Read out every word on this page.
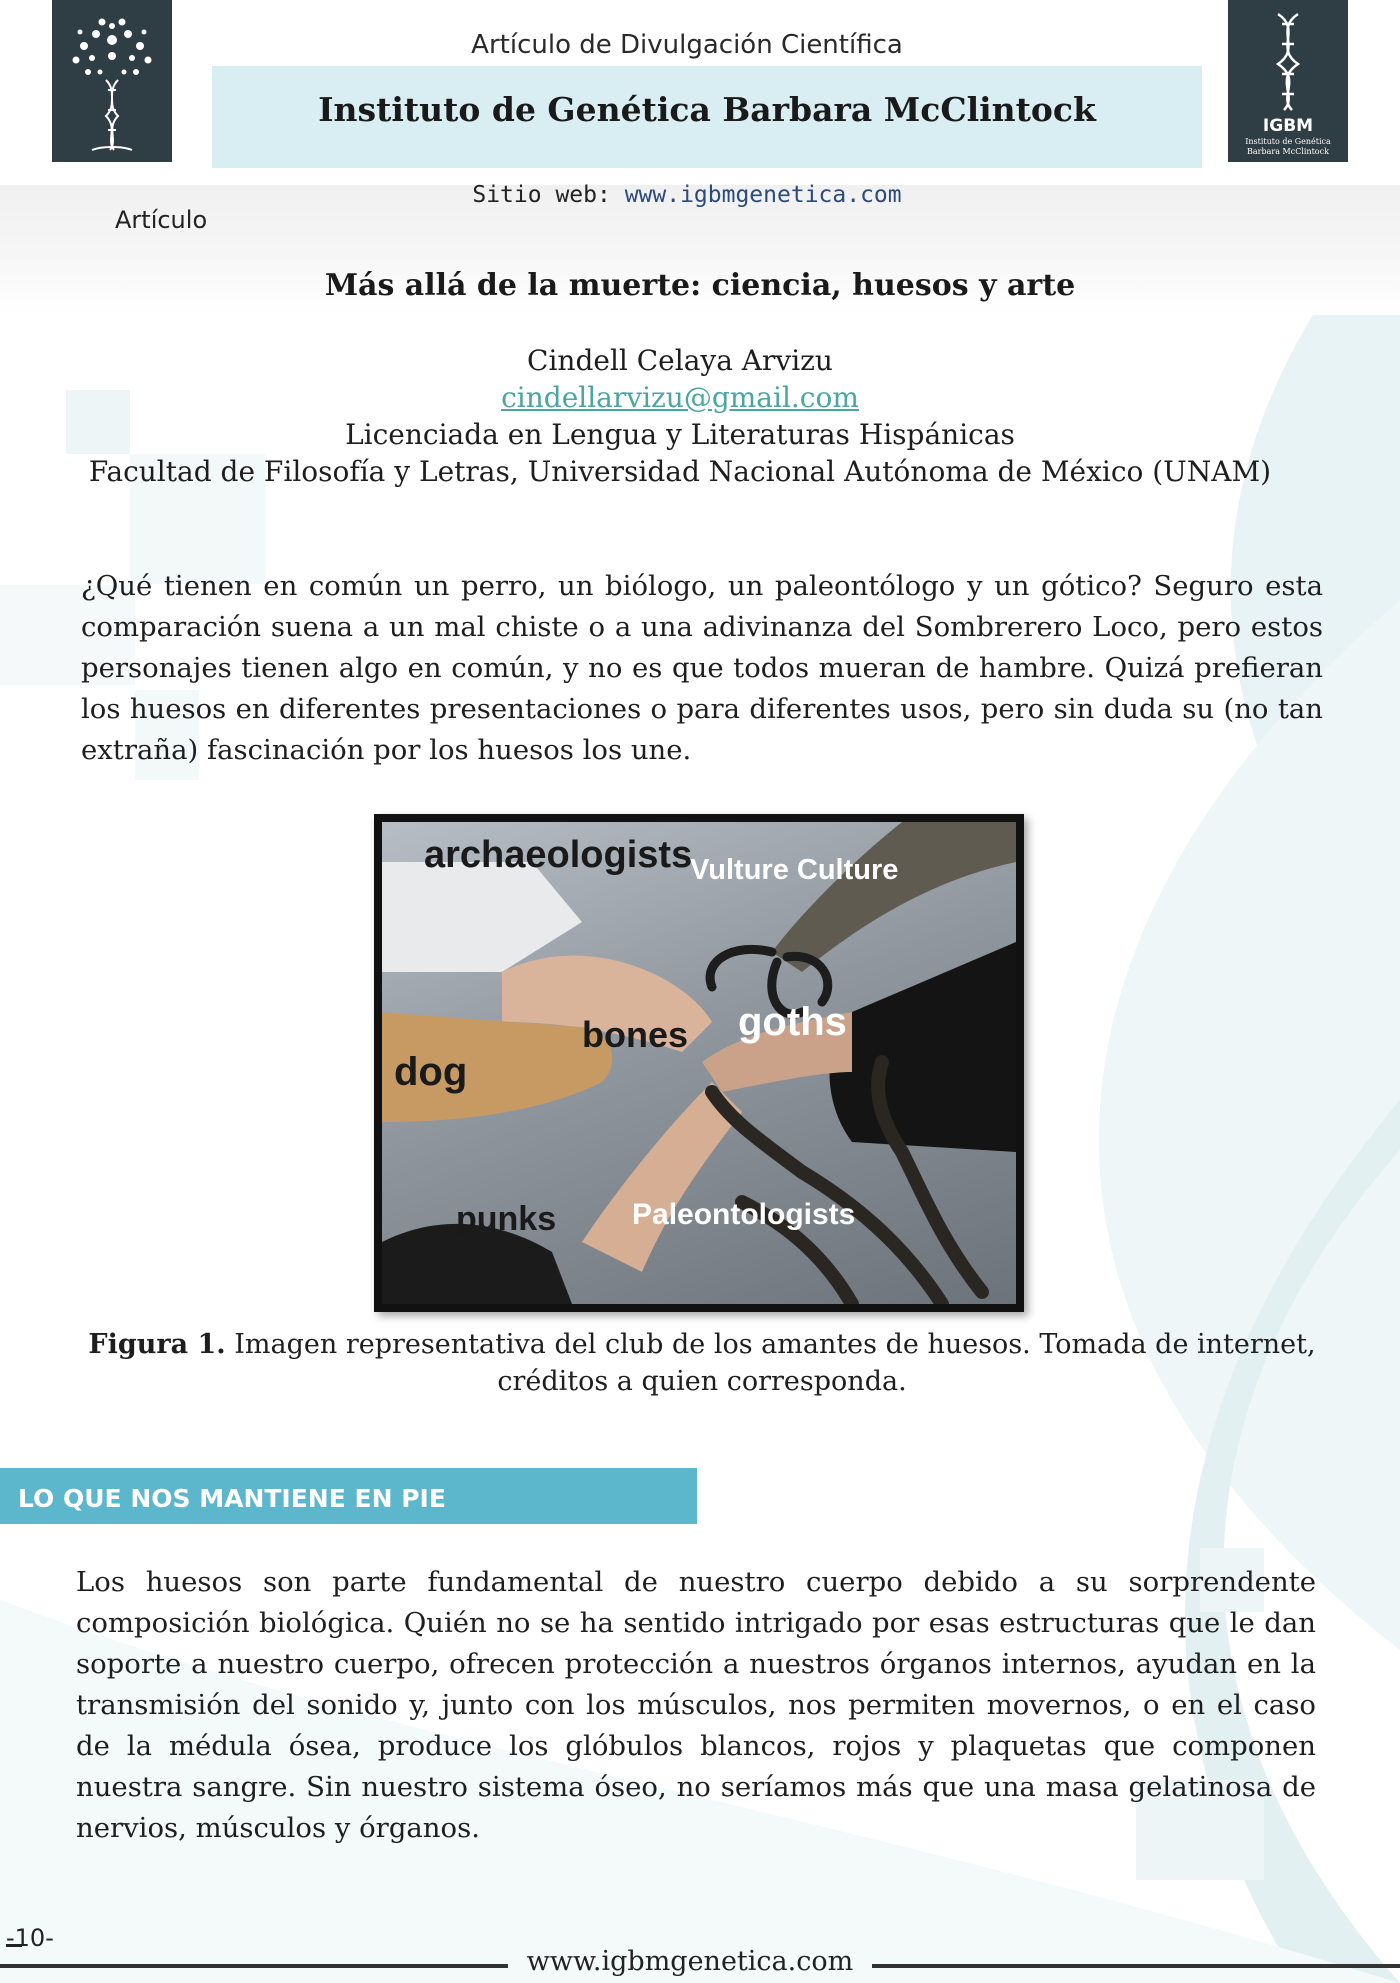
Artículo de Divulgación Científica
Instituto de Genética Barbara McClintock	IGBM
Instituto de Genética
Barbara McClintock
Sitio web: www.igbmgenetica.com
Artículo
Más allá de la muerte: ciencia, huesos y arte
Cindell Celaya Arvizu
cindellarvizu@gmail.com
Licenciada en Lengua y Literaturas Hispánicas
Facultad de Filosofía y Letras, Universidad Nacional Autónoma de México (UNAM)
¿Qué tienen en común un perro, un biólogo, un paleontólogo y un gótico? Seguro esta comparación suena a un mal chiste o a una adivinanza del Sombrerero Loco, pero estos personajes tienen algo en común, y no es que todos mueran de hambre. Quizá prefieran los huesos en diferentes presentaciones o para diferentes usos, pero sin duda su (no tan extraña) fascinación por los huesos los une.
archaeologists
Vulture Culture
bones goths
dog
punks	Paleontologists
Figura 1. Imagen representativa del club de los amantes de huesos. Tomada de internet, créditos a quien corresponda.
LO QUE NOS MANTIENE EN PIE
Los huesos son parte fundamental de nuestro cuerpo debido a su sorprendente composición biológica. Quién no se ha sentido intrigado por esas estructuras que le dan soporte a nuestro cuerpo, ofrecen protección a nuestros órganos internos, ayudan en la transmisión del sonido y, junto con los músculos, nos permiten movernos, o en el caso de la médula ósea, produce los glóbulos blancos, rojos y plaquetas que componen nuestra sangre. Sin nuestro sistema óseo, no seríamos más que una masa gelatinosa de nervios, músculos y órganos.
-10-
www.igbmgenetica.com
